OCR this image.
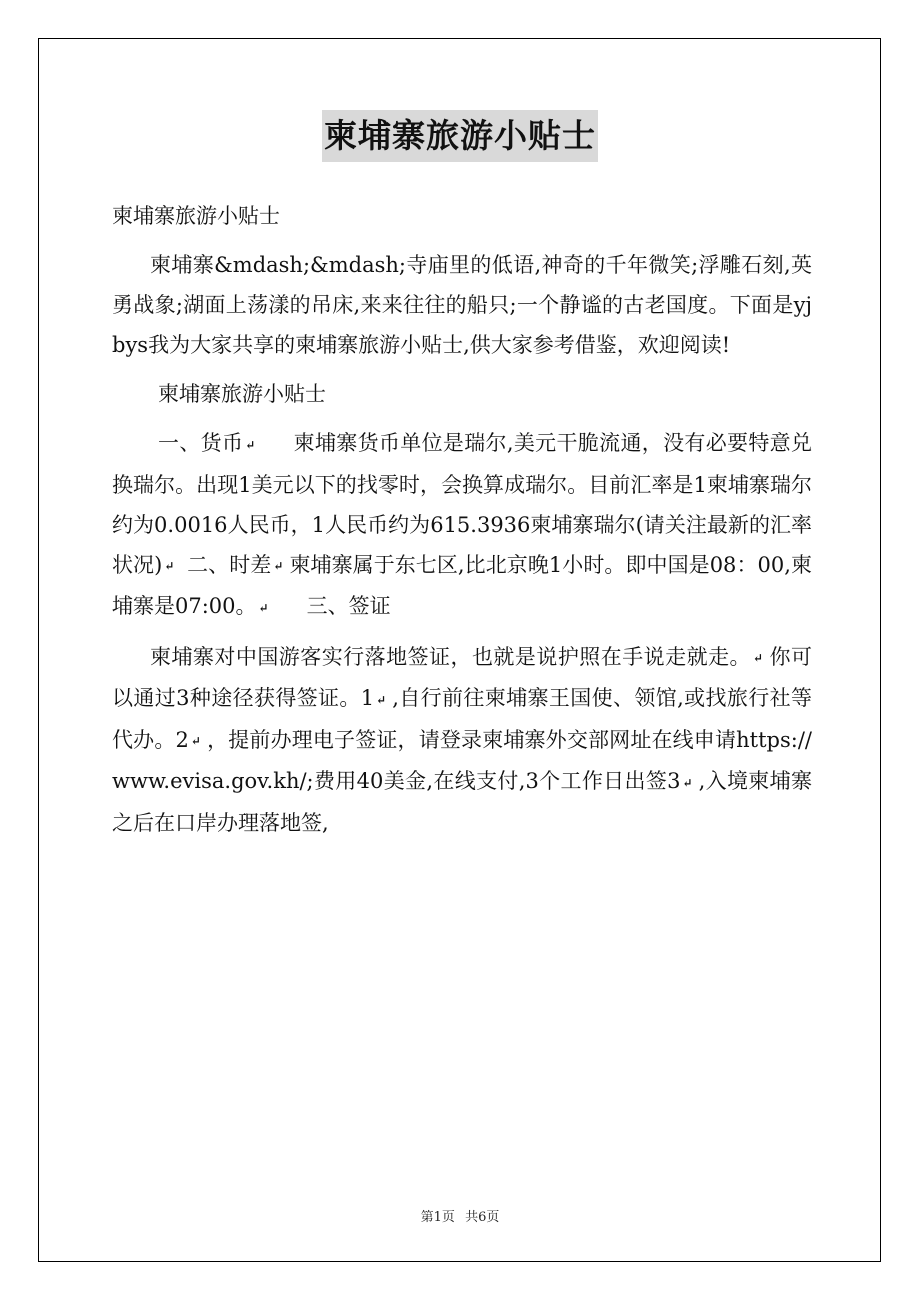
柬埔寨旅游小贴士

柬埔寨旅游小贴士

柬埔寨&mdash;&mdash;寺庙里的低语,神奇的千年微笑;浮雕石刻,英勇战象;湖面上荡漾的吊床,来来往往的船只;一个静谧的古老国度。下面是yjbys我为大家共享的柬埔寨旅游小贴士,供大家参考借鉴，欢迎阅读!

柬埔寨旅游小贴士

一、货币 ↵ 柬埔寨货币单位是瑞尔,美元干脆流通，没有必要特意兑换瑞尔。出现1美元以下的找零时，会换算成瑞尔。目前汇率是1柬埔寨瑞尔约为0.0016人民币，1人民币约为615.3936柬埔寨瑞尔(请关注最新的汇率状况) ↵ 二、时差 ↵ 柬埔寨属于东七区,比北京晚1小时。即中国是08：00,柬埔寨是07:00。 ↵ 三、签证

柬埔寨对中国游客实行落地签证，也就是说护照在手说走就走。 ↵ 你可以通过3种途径获得签证。1 ↵ ,自行前往柬埔寨王国使、领馆,或找旅行社等代办。2 ↵ ，提前办理电子签证，请登录柬埔寨外交部网址在线申请https://www.evisa.gov.kh/;费用40美金,在线支付,3个工作日出签3 ↵ ,入境柬埔寨之后在口岸办理落地签,

第1页 共6页
